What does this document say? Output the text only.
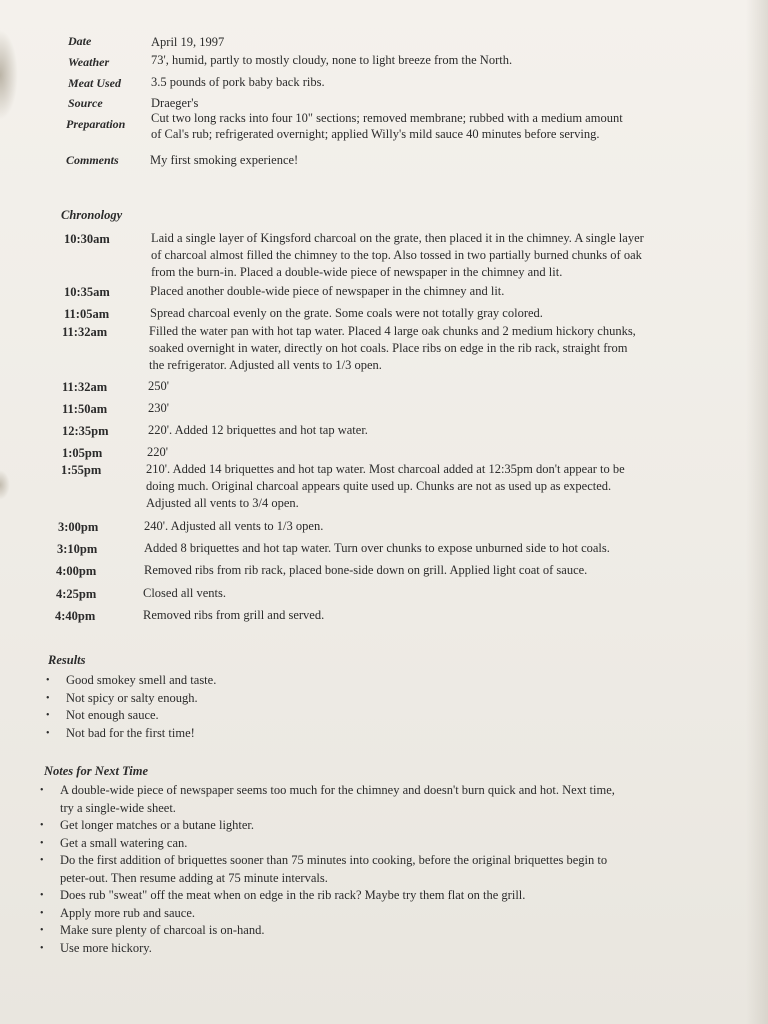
Date	April 19, 1997
Weather	73', humid, partly to mostly cloudy, none to light breeze from the North.
Meat Used 3.5 pounds of pork baby back ribs.
Source	Draeger's
Preparation Cut two long racks into four 10" sections; removed membrane; rubbed with a medium amount
of Cal's rub; refrigerated overnight; applied Willy's mild sauce 40 minutes before serving.
Comments	My first smoking experience!
Chronology
10:30am	Laid a single layer of Kingsford charcoal on the grate, then placed it in the chimney. A single layer
of charcoal almost filled the chimney to the top. Also tossed in two partially burned chunks of oak
from the burn-in. Placed a double-wide piece of newspaper in the chimney and lit.
10:35am	Placed another double-wide piece of newspaper in the chimney and lit.
11:05am	Spread charcoal evenly on the grate. Some coals were not totally gray colored.
11:32am	Filled the water pan with hot tap water. Placed 4 large oak chunks and 2 medium hickory chunks,
soaked overnight in water, directly on hot coals. Place ribs on edge in the rib rack, straight from
the refrigerator. Adjusted all vents to 1/3 open.
11:32am	250'
11:50am	230'
12:35pm	220'. Added 12 briquettes and hot tap water.
1:05pm	220'
1:55pm	210'. Added 14 briquettes and hot tap water. Most charcoal added at 12:35pm don't appear to be
doing much. Original charcoal appears quite used up. Chunks are not as used up as expected.
Adjusted all vents to 3/4 open.
3:00pm	240'. Adjusted all vents to 1/3 open.
3:10pm	Added 8 briquettes and hot tap water. Turn over chunks to expose unburned side to hot coals.
4:00pm	Removed ribs from rib rack, placed bone-side down on grill. Applied light coat of sauce.
4:25pm	Closed all vents.
4:40pm	Removed ribs from grill and served.
Results
• Good smokey smell and taste.
• Not spicy or salty enough.
• Not enough sauce.
• Not bad for the first time!
Notes for Next Time
• A double-wide piece of newspaper seems too much for the chimney and doesn't burn quick and hot. Next time,
try a single-wide sheet.
• Get longer matches or a butane lighter.
• Get a small watering can.
• Do the first addition of briquettes sooner than 75 minutes into cooking, before the original briquettes begin to
peter-out. Then resume adding at 75 minute intervals.
• Does rub "sweat" off the meat when on edge in the rib rack? Maybe try them flat on the grill.
• Apply more rub and sauce.
• Make sure plenty of charcoal is on-hand.
• Use more hickory.
